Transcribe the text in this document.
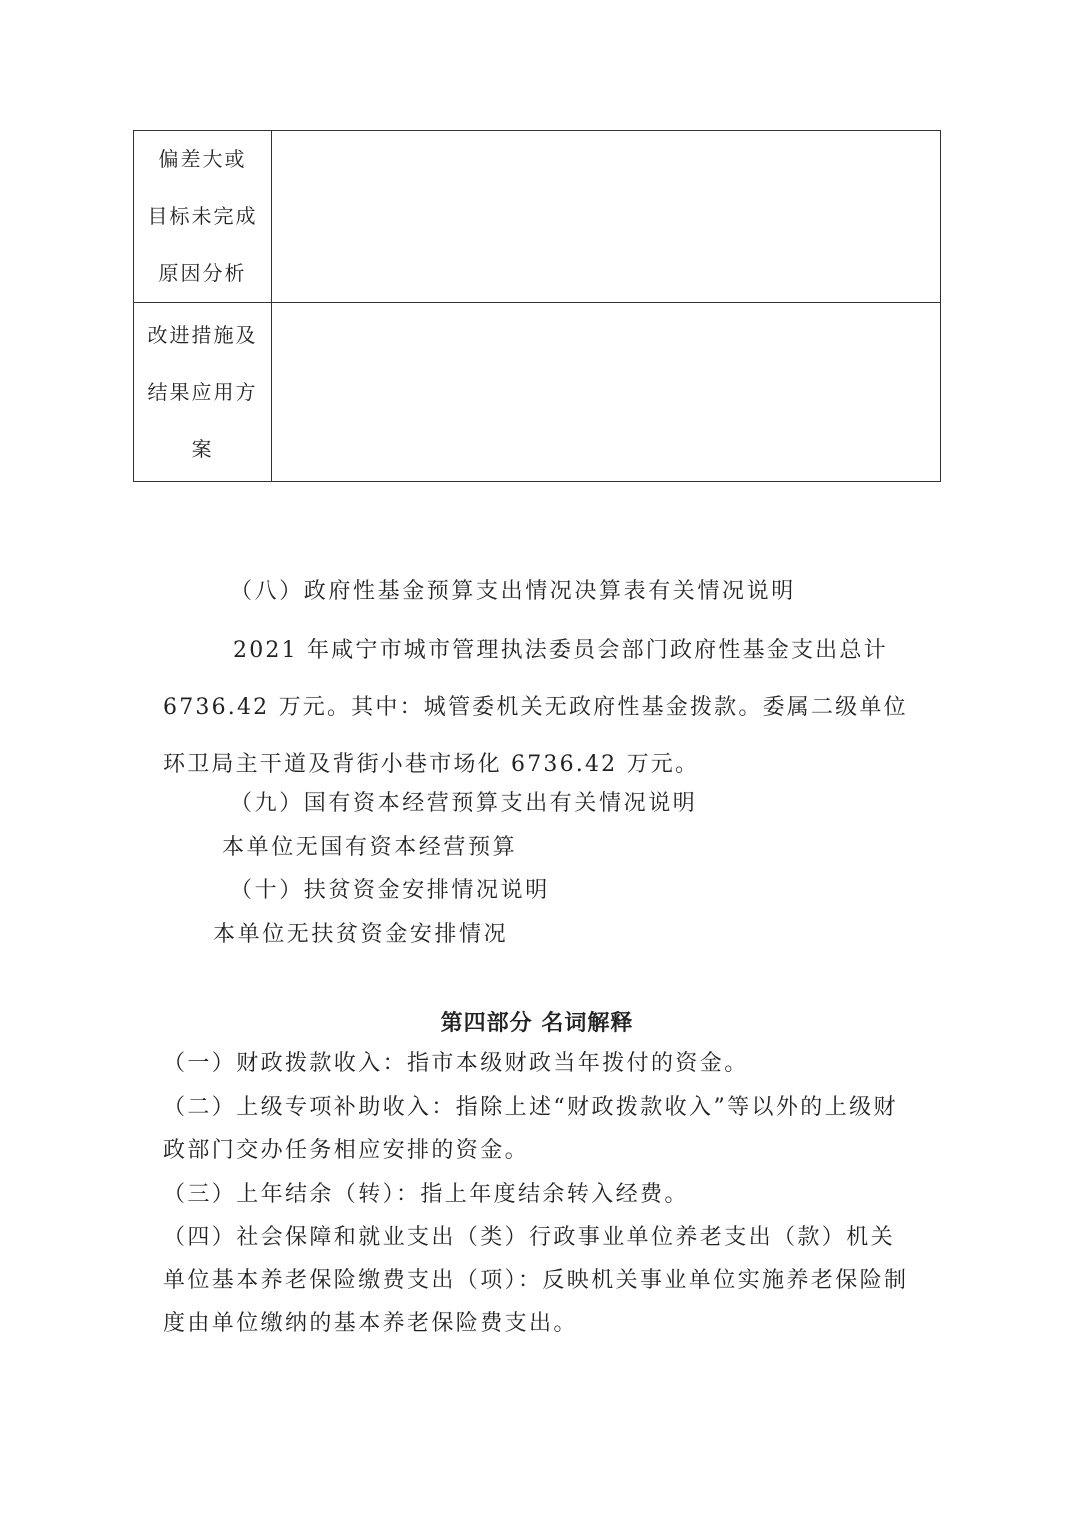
偏差大或
目标未完成
原因分析	

改进措施及
结果应用方
案	

（八）政府性基金预算支出情况决算表有关情况说明
2021 年咸宁市城市管理执法委员会部门政府性基金支出总计6736.42 万元。其中：城管委机关无政府性基金拨款。委属二级单位环卫局主干道及背街小巷市场化 6736.42 万元。
（九）国有资本经营预算支出有关情况说明
本单位无国有资本经营预算
（十）扶贫资金安排情况说明
本单位无扶贫资金安排情况
第四部分 名词解释
（一）财政拨款收入：指市本级财政当年拨付的资金。
（二）上级专项补助收入：指除上述“财政拨款收入”等以外的上级财政部门交办任务相应安排的资金。
（三）上年结余（转）：指上年度结余转入经费。
（四）社会保障和就业支出（类）行政事业单位养老支出（款）机关单位基本养老保险缴费支出（项）：反映机关事业单位实施养老保险制度由单位缴纳的基本养老保险费支出。
